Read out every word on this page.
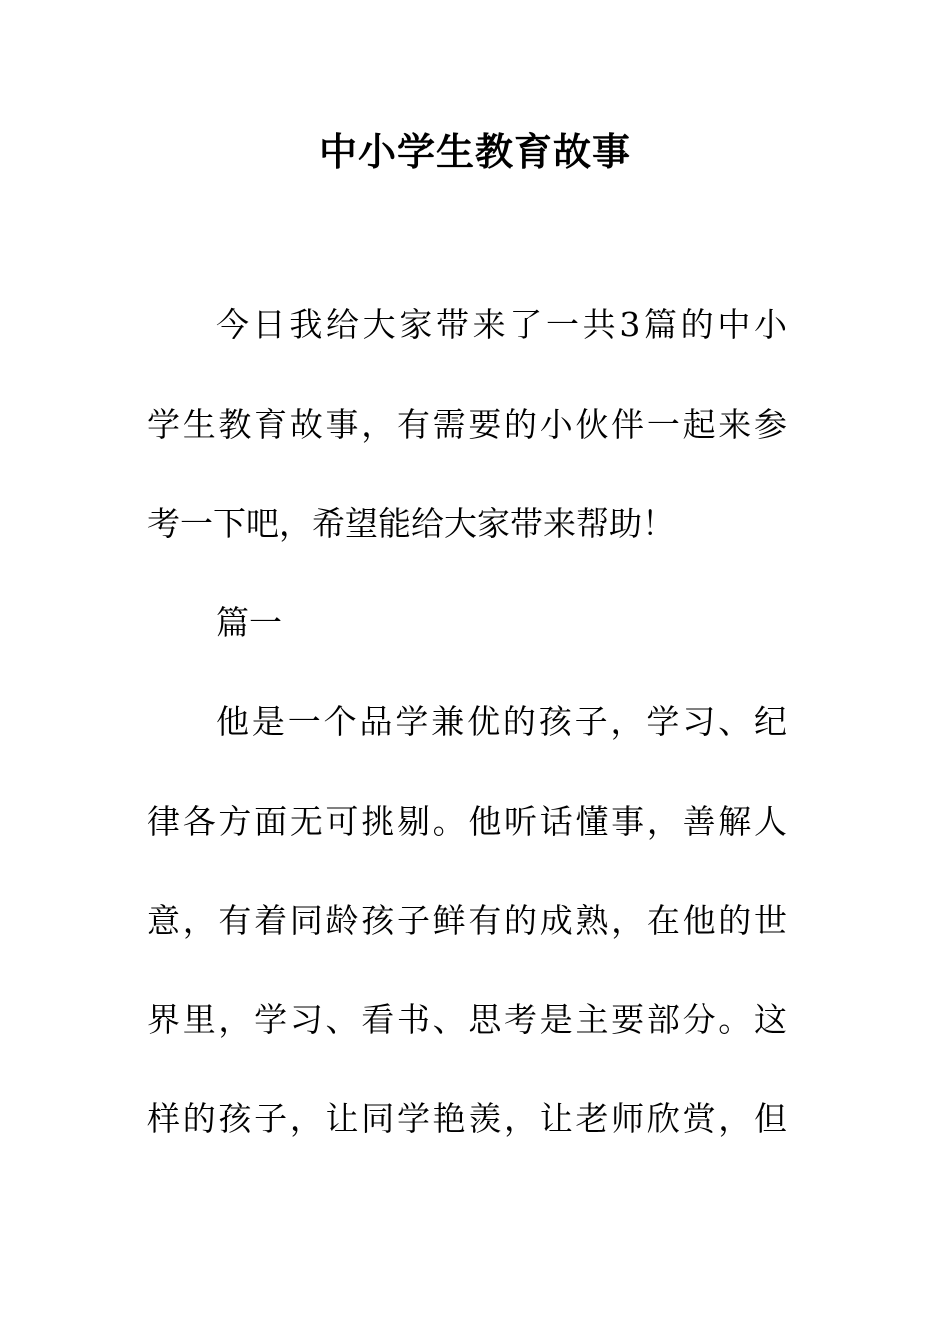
中小学生教育故事

今日我给大家带来了一共3篇的中小

学生教育故事，有需要的小伙伴一起来参

考一下吧，希望能给大家带来帮助！

篇一

他是一个品学兼优的孩子，学习、纪

律各方面无可挑剔。他听话懂事，善解人

意，有着同龄孩子鲜有的成熟，在他的世

界里，学习、看书、思考是主要部分。这

样的孩子，让同学艳羡，让老师欣赏，但
